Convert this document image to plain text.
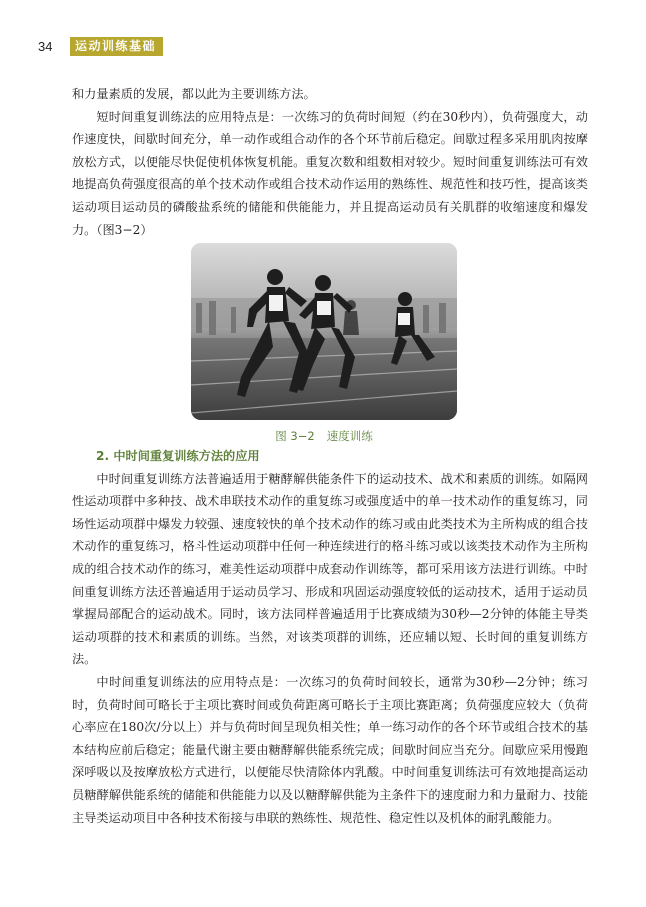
34	运动训练基础

和力量素质的发展，都以此为主要训练方法。

短时间重复训练法的应用特点是：一次练习的负荷时间短（约在30秒内），负荷强度大，动作速度快，间歇时间充分，单一动作或组合动作的各个环节前后稳定。间歇过程多采用肌肉按摩放松方式，以便能尽快促使机体恢复机能。重复次数和组数相对较少。短时间重复训练法可有效地提高负荷强度很高的单个技术动作或组合技术动作运用的熟练性、规范性和技巧性，提高该类运动项目运动员的磷酸盐系统的储能和供能能力，并且提高运动员有关肌群的收缩速度和爆发力。（图3−2）

图 3−2 速度训练
2. 中时间重复训练方法的应用

中时间重复训练方法普遍适用于糖酵解供能条件下的运动技术、战术和素质的训练。如隔网性运动项群中多种技、战术串联技术动作的重复练习或强度适中的单一技术动作的重复练习，同场性运动项群中爆发力较强、速度较快的单个技术动作的练习或由此类技术为主所构成的组合技术动作的重复练习，格斗性运动项群中任何一种连续进行的格斗练习或以该类技术动作为主所构成的组合技术动作的练习，难美性运动项群中成套动作训练等，都可采用该方法进行训练。中时间重复训练方法还普遍适用于运动员学习、形成和巩固运动强度较低的运动技术，适用于运动员掌握局部配合的运动战术。同时，该方法同样普遍适用于比赛成绩为30秒—2分钟的体能主导类运动项群的技术和素质的训练。当然，对该类项群的训练，还应辅以短、长时间的重复训练方法。

中时间重复训练法的应用特点是：一次练习的负荷时间较长，通常为30秒—2分钟；练习时，负荷时间可略长于主项比赛时间或负荷距离可略长于主项比赛距离；负荷强度应较大（负荷心率应在180次/分以上）并与负荷时间呈现负相关性；单一练习动作的各个环节或组合技术的基本结构应前后稳定；能量代谢主要由糖酵解供能系统完成；间歇时间应当充分。间歇应采用慢跑深呼吸以及按摩放松方式进行，以便能尽快清除体内乳酸。中时间重复训练法可有效地提高运动员糖酵解供能系统的储能和供能能力以及以糖酵解供能为主条件下的速度耐力和力量耐力、技能主导类运动项目中各种技术衔接与串联的熟练性、规范性、稳定性以及机体的耐乳酸能力。
